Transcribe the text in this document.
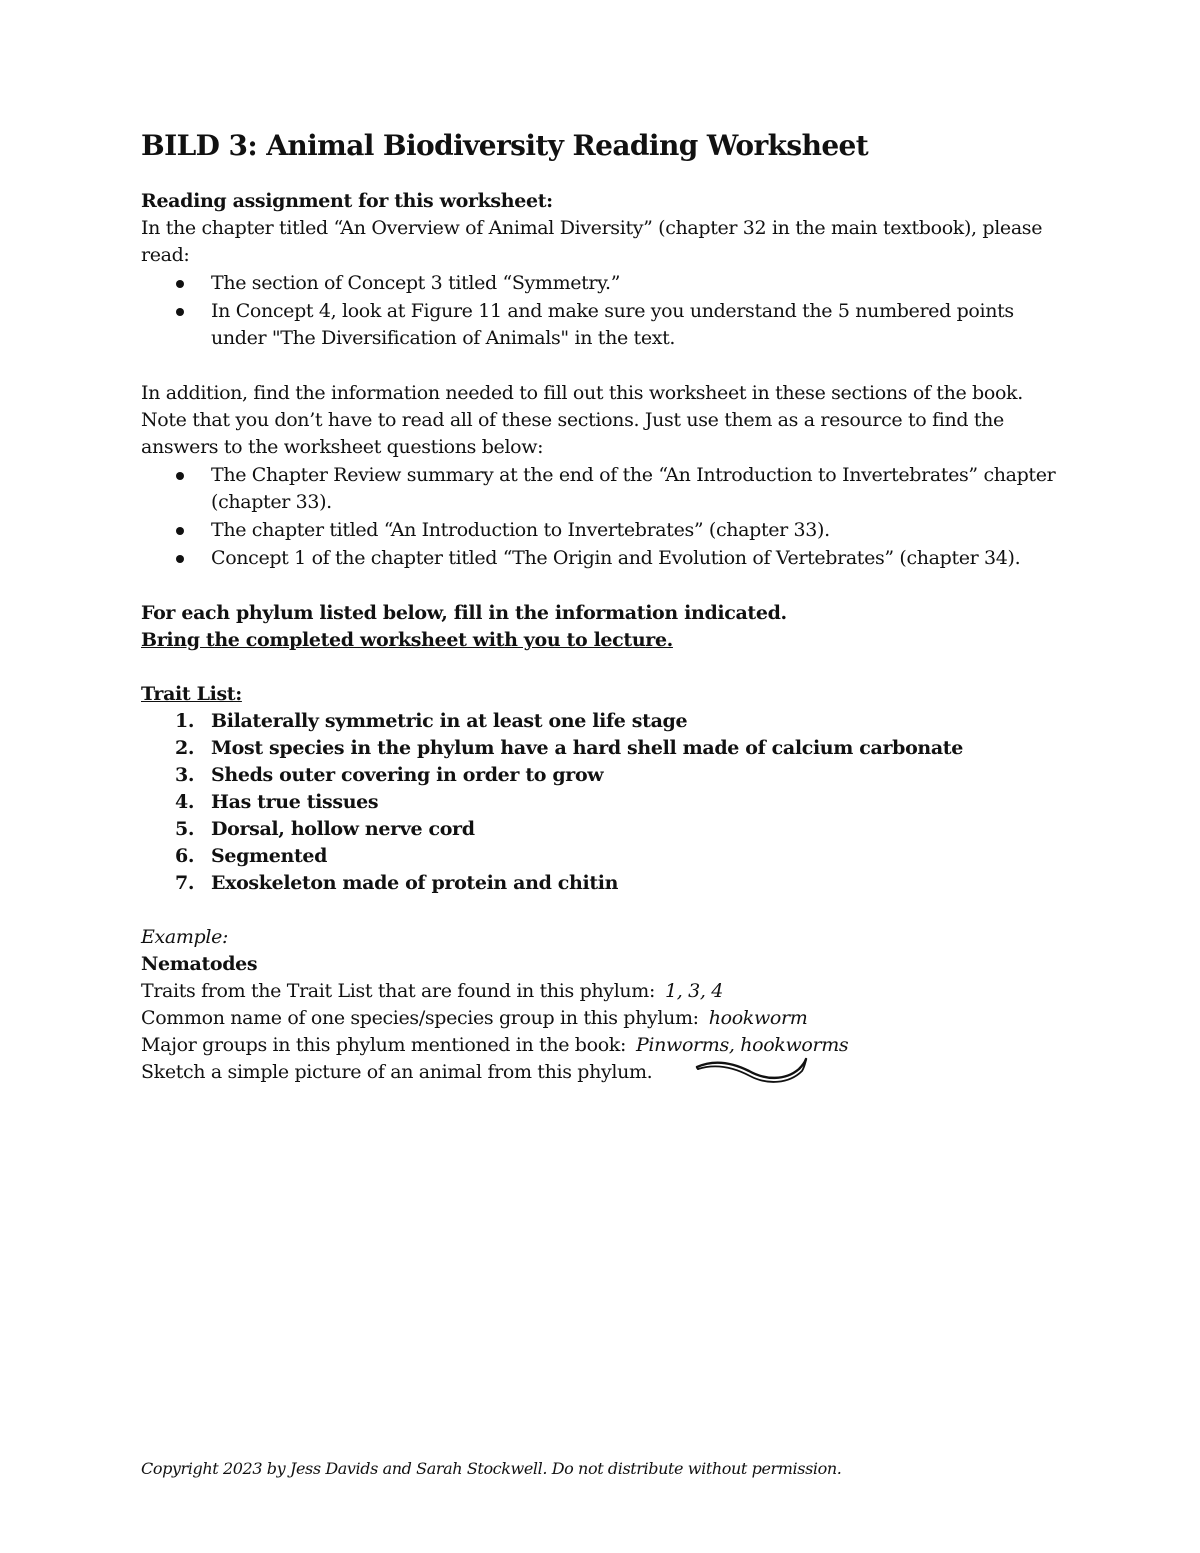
BILD 3: Animal Biodiversity Reading Worksheet

Reading assignment for this worksheet:

In the chapter titled “An Overview of Animal Diversity” (chapter 32 in the main textbook), please read:

The section of Concept 3 titled “Symmetry.”
In Concept 4, look at Figure 11 and make sure you understand the 5 numbered points under "The Diversification of Animals" in the text.

In addition, find the information needed to fill out this worksheet in these sections of the book. Note that you don’t have to read all of these sections. Just use them as a resource to find the answers to the worksheet questions below:

The Chapter Review summary at the end of the “An Introduction to Invertebrates” chapter (chapter 33).
The chapter titled “An Introduction to Invertebrates” (chapter 33).
Concept 1 of the chapter titled “The Origin and Evolution of Vertebrates” (chapter 34).

For each phylum listed below, fill in the information indicated.

Bring the completed worksheet with you to lecture.

Trait List:

1. Bilaterally symmetric in at least one life stage
2. Most species in the phylum have a hard shell made of calcium carbonate
3. Sheds outer covering in order to grow
4. Has true tissues
5. Dorsal, hollow nerve cord
6. Segmented
7. Exoskeleton made of protein and chitin

Example:

Nematodes

Traits from the Trait List that are found in this phylum: 1, 3, 4

Common name of one species/species group in this phylum: hookworm

Major groups in this phylum mentioned in the book: Pinworms, hookworms

Sketch a simple picture of an animal from this phylum.

Copyright 2023 by Jess Davids and Sarah Stockwell. Do not distribute without permission.
